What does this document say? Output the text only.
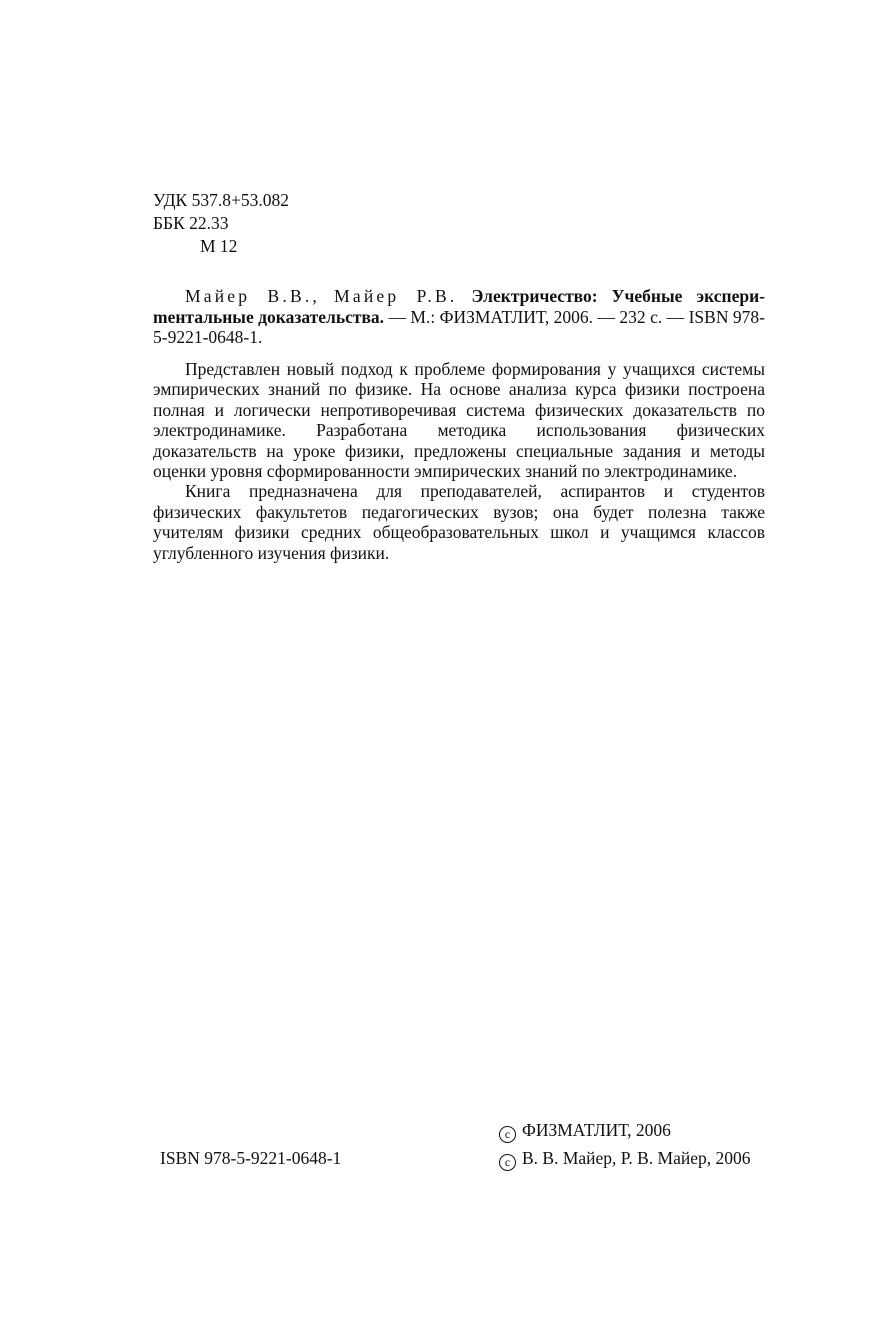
УДК 537.8+53.082
ББК 22.33
М 12
Майер В.В., Майер Р.В. Электричество: Учебные экспериmентальные доказательства. — М.: ФИЗМАТЛИТ, 2006. — 232 с. — ISBN 978-5-9221-0648-1.

Представлен новый подход к проблеме формирования у учащихся системы эмпирических знаний по физике. На основе анализа курса физики построена полная и логически непротиворечивая система физических доказательств по электродинамике. Разработана методика использования физических доказательств на уроке физики, предложены специальные задания и методы оценки уровня сформированности эмпирических знаний по электродинамике.

Книга предназначена для преподавателей, аспирантов и студентов физических факультетов педагогических вузов; она будет полезна также учителям физики средних общеобразовательных школ и учащимся классов углубленного изучения физики.

ISBN 978-5-9221-0648-1
c ФИЗМАТЛИТ, 2006
c В. В. Майер, Р. В. Майер, 2006
